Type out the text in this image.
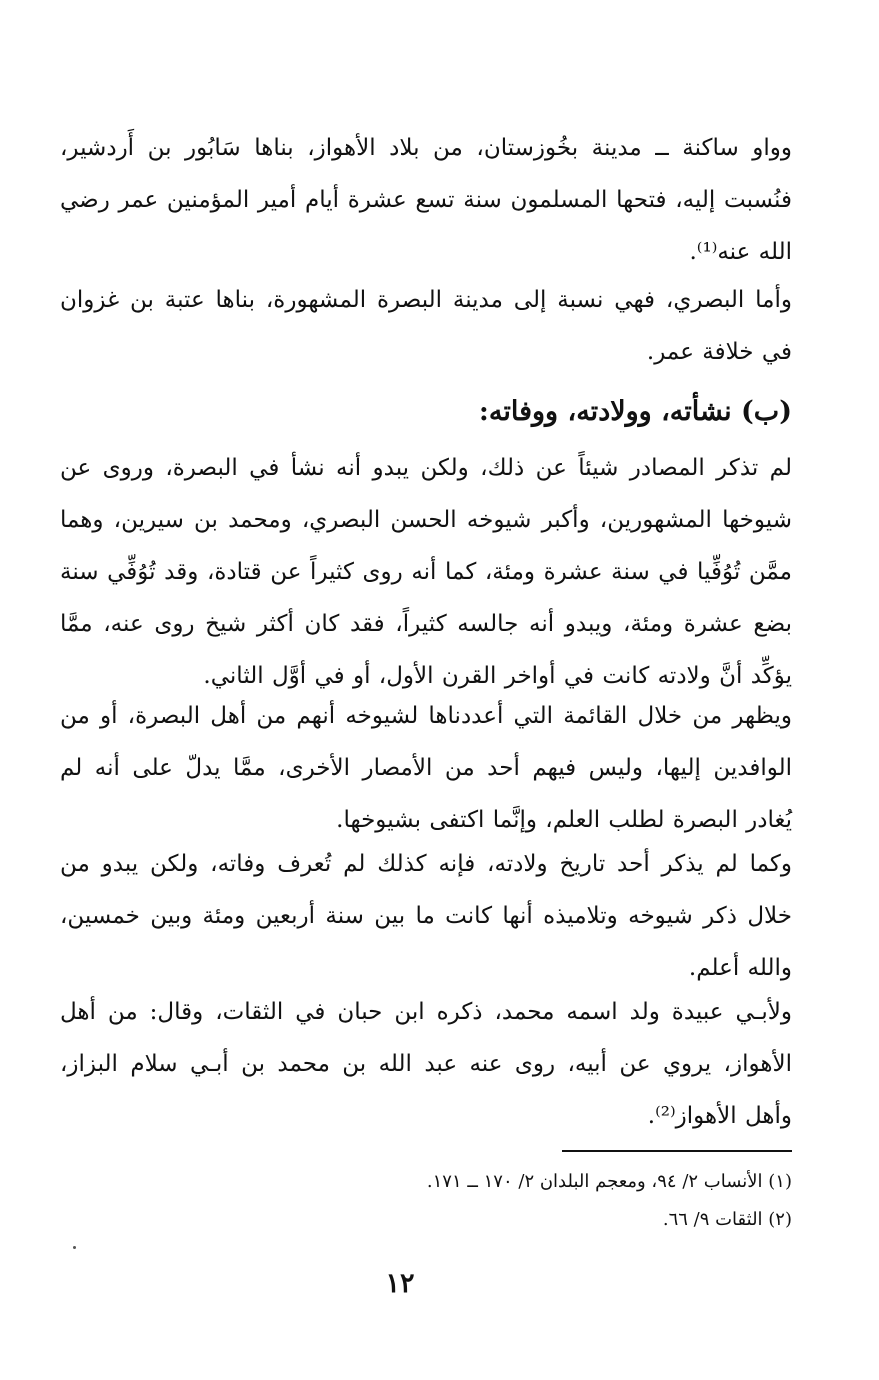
وواو ساكنة ــ مدينة بخُوزستان، من بلاد الأهواز، بناها سَابُور بن أَردشير، فنُسبت إليه، فتحها المسلمون سنة تسع عشرة أيام أمير المؤمنين عمر رضي الله عنه⁽¹⁾.

وأما البصري، فهي نسبة إلى مدينة البصرة المشهورة، بناها عتبة بن غزوان في خلافة عمر.

(ب) نشأته، وولادته، ووفاته:

لم تذكر المصادر شيئاً عن ذلك، ولكن يبدو أنه نشأ في البصرة، وروى عن شيوخها المشهورين، وأكبر شيوخه الحسن البصري، ومحمد بن سيرين، وهما ممَّن تُوُفِّيا في سنة عشرة ومئة، كما أنه روى كثيراً عن قتادة، وقد تُوُفِّي سنة بضع عشرة ومئة، ويبدو أنه جالسه كثيراً، فقد كان أكثر شيخ روى عنه، ممَّا يؤكِّد أنَّ ولادته كانت في أواخر القرن الأول، أو في أوَّل الثاني.

ويظهر من خلال القائمة التي أعددناها لشيوخه أنهم من أهل البصرة، أو من الوافدين إليها، وليس فيهم أحد من الأمصار الأخرى، ممَّا يدلّ على أنه لم يُغادر البصرة لطلب العلم، وإنَّما اكتفى بشيوخها.

وكما لم يذكر أحد تاريخ ولادته، فإنه كذلك لم تُعرف وفاته، ولكن يبدو من خلال ذكر شيوخه وتلاميذه أنها كانت ما بين سنة أربعين ومئة وبين خمسين، والله أعلم.

ولأبـي عبيدة ولد اسمه محمد، ذكره ابن حبان في الثقات، وقال: من أهل الأهواز، يروي عن أبيه، روى عنه عبد الله بن محمد بن أبـي سلام البزاز، وأهل الأهواز⁽²⁾.

(١) الأنساب ٢/ ٩٤، ومعجم البلدان ٢/ ١٧٠ ــ ١٧١.

(٢) الثقات ٩/ ٦٦.

١٢
